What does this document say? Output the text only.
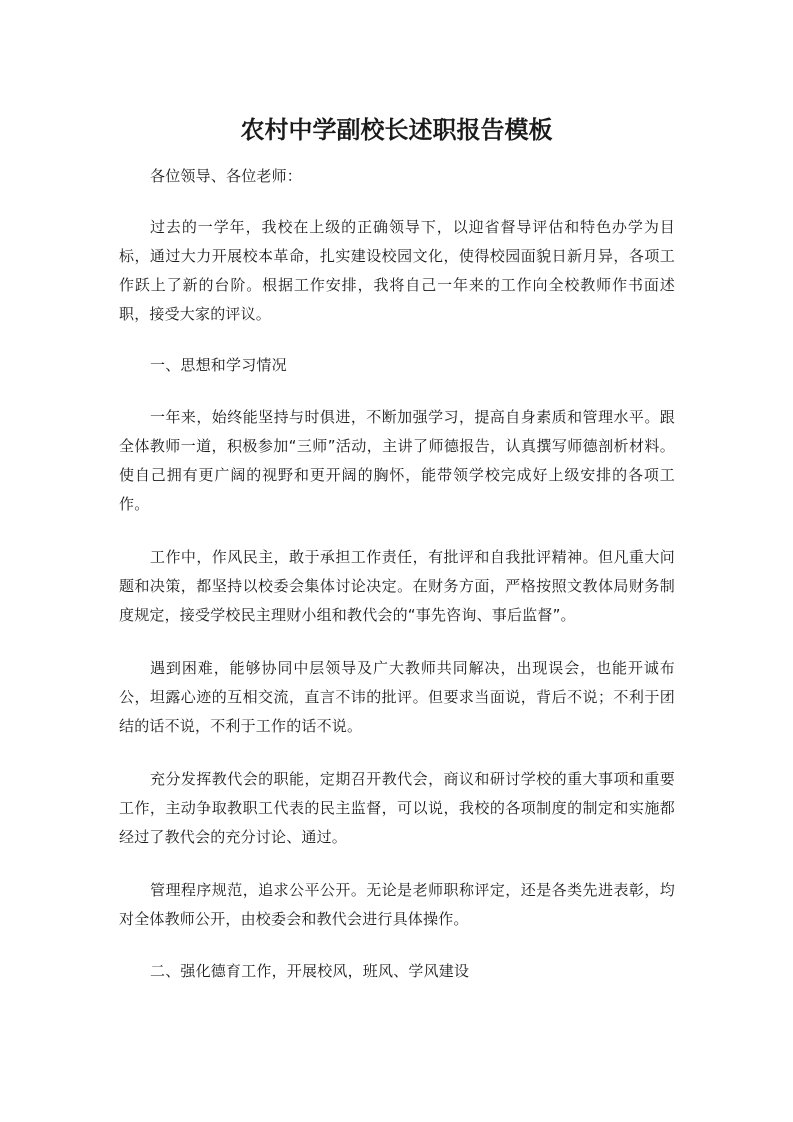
农村中学副校长述职报告模板

各位领导、各位老师：

过去的一学年，我校在上级的正确领导下，以迎省督导评估和特色办学为目标，通过大力开展校本革命，扎实建设校园文化，使得校园面貌日新月异，各项工作跃上了新的台阶。根据工作安排，我将自己一年来的工作向全校教师作书面述职，接受大家的评议。

一、思想和学习情况

一年来，始终能坚持与时俱进，不断加强学习，提高自身素质和管理水平。跟全体教师一道，积极参加“三师”活动，主讲了师德报告，认真撰写师德剖析材料。使自己拥有更广阔的视野和更开阔的胸怀，能带领学校完成好上级安排的各项工作。

工作中，作风民主，敢于承担工作责任，有批评和自我批评精神。但凡重大问题和决策，都坚持以校委会集体讨论决定。在财务方面，严格按照文教体局财务制度规定，接受学校民主理财小组和教代会的“事先咨询、事后监督”。

遇到困难，能够协同中层领导及广大教师共同解决，出现误会，也能开诚布公，坦露心迹的互相交流，直言不讳的批评。但要求当面说，背后不说；不利于团结的话不说，不利于工作的话不说。

充分发挥教代会的职能，定期召开教代会，商议和研讨学校的重大事项和重要工作，主动争取教职工代表的民主监督，可以说，我校的各项制度的制定和实施都经过了教代会的充分讨论、通过。

管理程序规范，追求公平公开。无论是老师职称评定，还是各类先进表彰，均对全体教师公开，由校委会和教代会进行具体操作。

二、强化德育工作，开展校风，班风、学风建设
